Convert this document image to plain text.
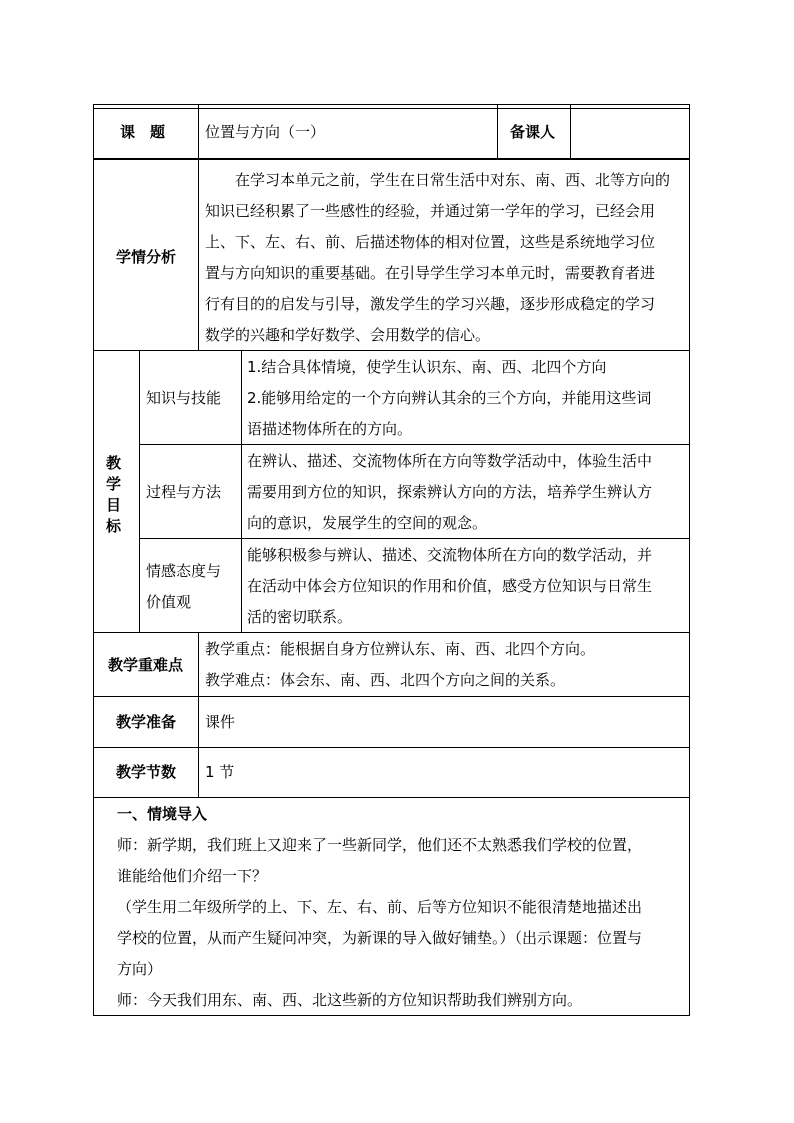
课　题	位置与方向（一）	备课人
学情分析
　　在学习本单元之前，学生在日常生活中对东、南、西、北等方向的
知识已经积累了一些感性的经验，并通过第一学年的学习，已经会用
上、下、左、右、前、后描述物体的相对位置，这些是系统地学习位
置与方向知识的重要基础。在引导学生学习本单元时，需要教育者进
行有目的的启发与引导，激发学生的学习兴趣，逐步形成稳定的学习
数学的兴趣和学好数学、会用数学的信心。
教
学
目
标
知识与技能
1.结合具体情境，使学生认识东、南、西、北四个方向
2.能够用给定的一个方向辨认其余的三个方向，并能用这些词
语描述物体所在的方向。
过程与方法
在辨认、描述、交流物体所在方向等数学活动中，体验生活中
需要用到方位的知识，探索辨认方向的方法，培养学生辨认方
向的意识，发展学生的空间的观念。
情感态度与
价值观
能够积极参与辨认、描述、交流物体所在方向的数学活动，并
在活动中体会方位知识的作用和价值，感受方位知识与日常生
活的密切联系。
教学重难点
教学重点：能根据自身方位辨认东、南、西、北四个方向。
教学难点：体会东、南、西、北四个方向之间的关系。
教学准备 课件
教学节数 1 节
一、情境导入
师：新学期，我们班上又迎来了一些新同学，他们还不太熟悉我们学校的位置，
谁能给他们介绍一下？
（学生用二年级所学的上、下、左、右、前、后等方位知识不能很清楚地描述出
学校的位置，从而产生疑问冲突，为新课的导入做好铺垫。）（出示课题：位置与
方向）
师：今天我们用东、南、西、北这些新的方位知识帮助我们辨别方向。
